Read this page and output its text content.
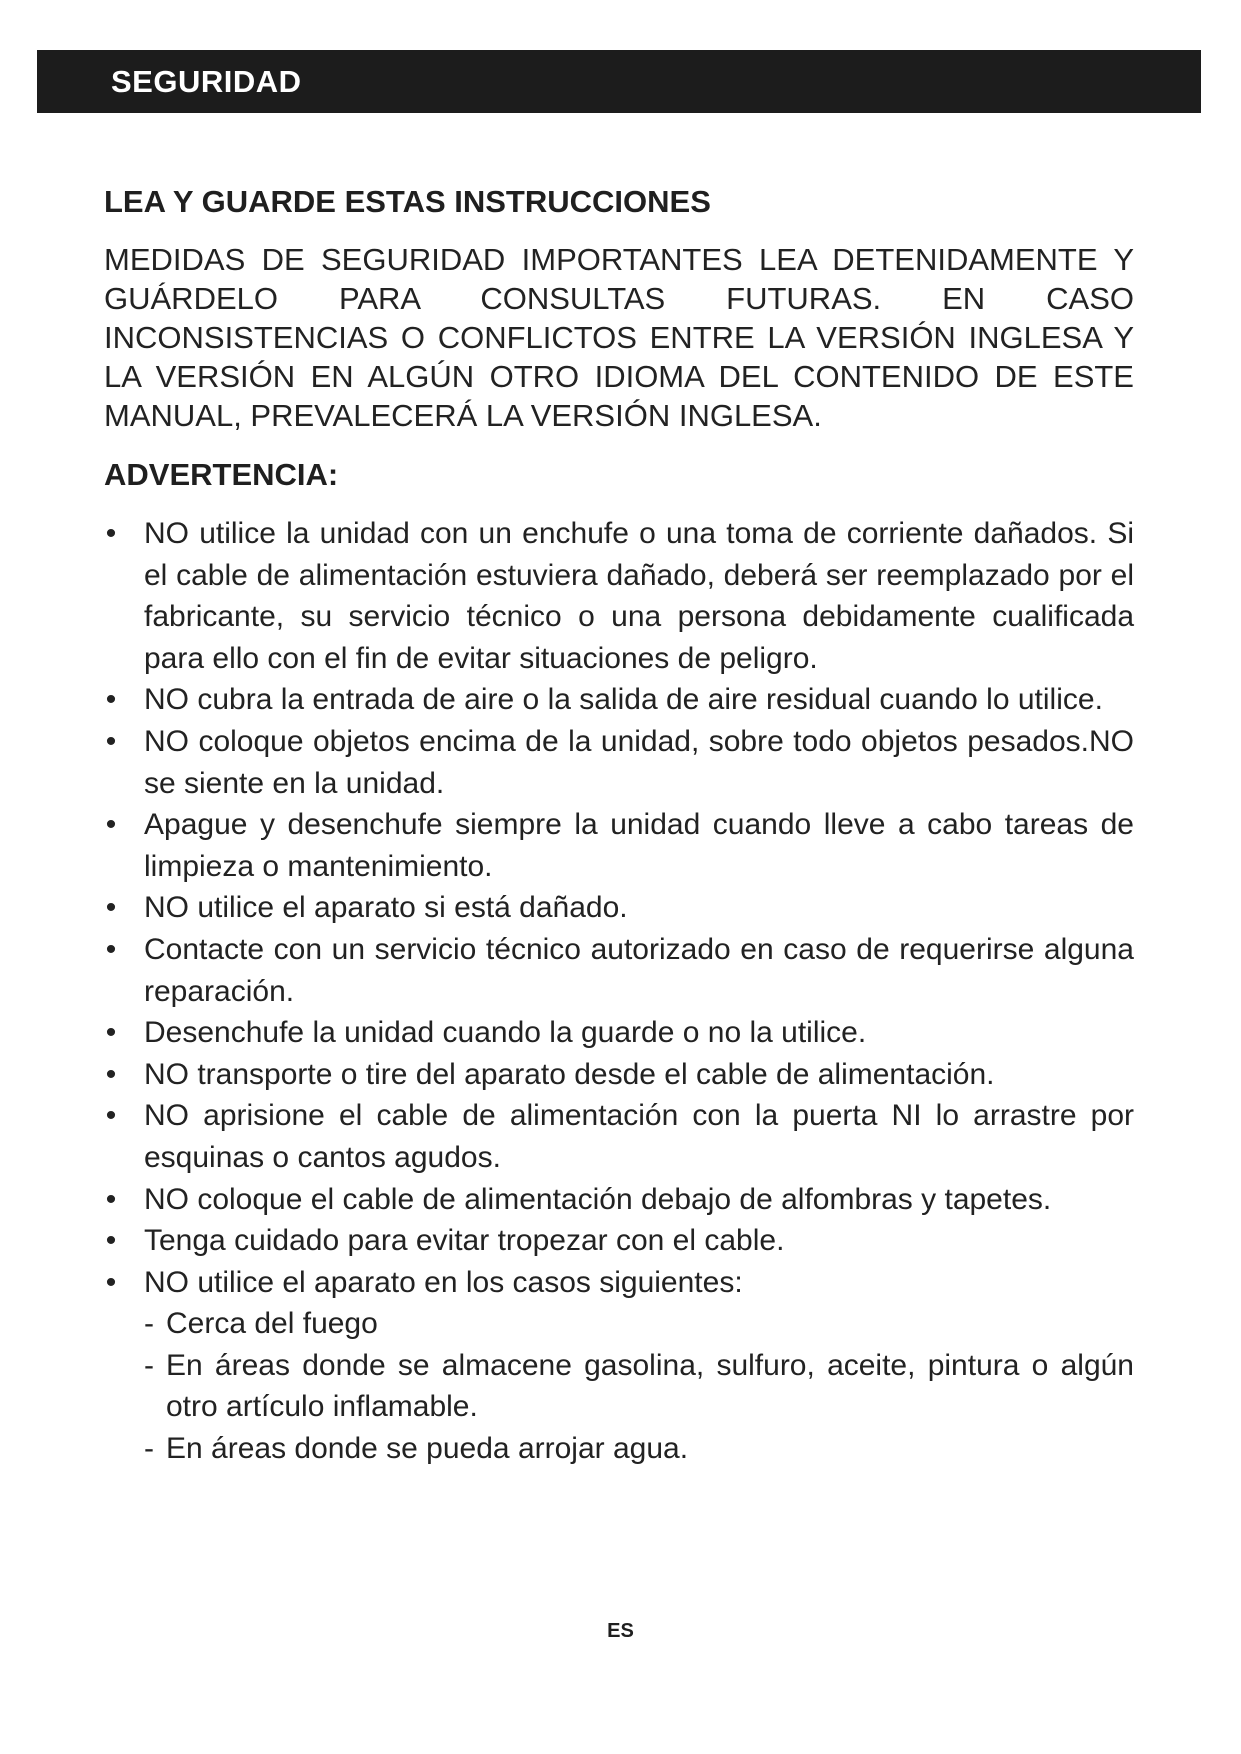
SEGURIDAD
LEA Y GUARDE ESTAS INSTRUCCIONES

MEDIDAS DE SEGURIDAD IMPORTANTES LEA DETENIDAMENTE Y GUÁRDELO PARA CONSULTAS FUTURAS. EN CASO INCONSISTENCIAS O CONFLICTOS ENTRE LA VERSIÓN INGLESA Y LA VERSIÓN EN ALGÚN OTRO IDIOMA DEL CONTENIDO DE ESTE MANUAL, PREVALECERÁ LA VERSIÓN INGLESA.

ADVERTENCIA:
• NO utilice la unidad con un enchufe o una toma de corriente dañados. Si el cable de alimentación estuviera dañado, deberá ser reemplazado por el fabricante, su servicio técnico o una persona debidamente cualificada para ello con el fin de evitar situaciones de peligro.
• NO cubra la entrada de aire o la salida de aire residual cuando lo utilice.
• NO coloque objetos encima de la unidad, sobre todo objetos pesados.NO se siente en la unidad.
• Apague y desenchufe siempre la unidad cuando lleve a cabo tareas de limpieza o mantenimiento.
• NO utilice el aparato si está dañado.
• Contacte con un servicio técnico autorizado en caso de requerirse alguna reparación.
• Desenchufe la unidad cuando la guarde o no la utilice.
• NO transporte o tire del aparato desde el cable de alimentación.
• NO aprisione el cable de alimentación con la puerta NI lo arrastre por esquinas o cantos agudos.
• NO coloque el cable de alimentación debajo de alfombras y tapetes.
• Tenga cuidado para evitar tropezar con el cable.
• NO utilice el aparato en los casos siguientes:
- Cerca del fuego
- En áreas donde se almacene gasolina, sulfuro, aceite, pintura o algún otro artículo inflamable.
- En áreas donde se pueda arrojar agua.
ES
